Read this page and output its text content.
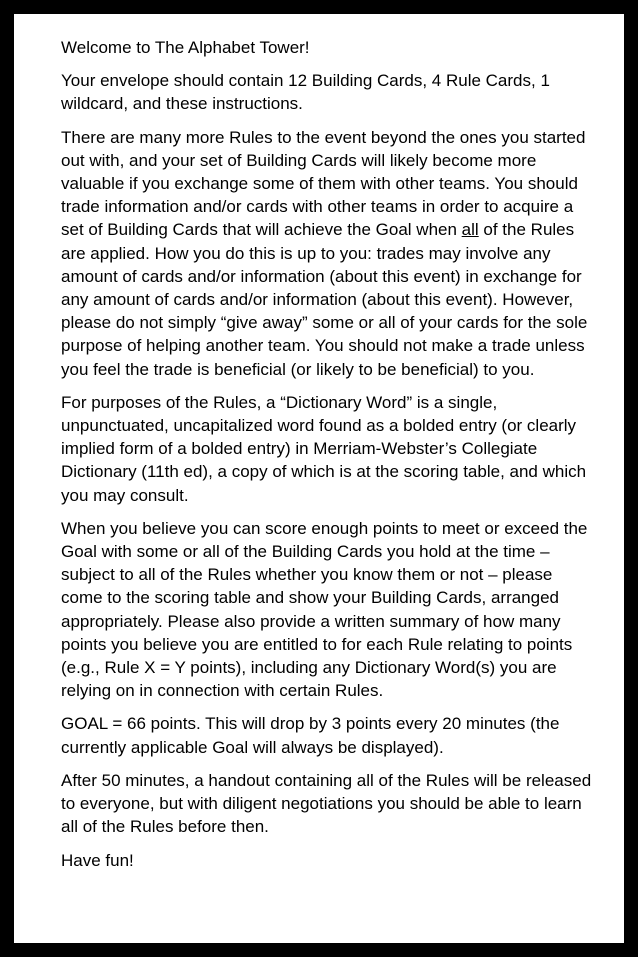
Welcome to The Alphabet Tower!

Your envelope should contain 12 Building Cards, 4 Rule Cards, 1 wildcard, and these instructions.

There are many more Rules to the event beyond the ones you started out with, and your set of Building Cards will likely become more valuable if you exchange some of them with other teams. You should trade information and/or cards with other teams in order to acquire a set of Building Cards that will achieve the Goal when all of the Rules are applied. How you do this is up to you: trades may involve any amount of cards and/or information (about this event) in exchange for any amount of cards and/or information (about this event). However, please do not simply “give away” some or all of your cards for the sole purpose of helping another team. You should not make a trade unless you feel the trade is beneficial (or likely to be beneficial) to you.

For purposes of the Rules, a “Dictionary Word” is a single, unpunctuated, uncapitalized word found as a bolded entry (or clearly implied form of a bolded entry) in Merriam-Webster’s Collegiate Dictionary (11th ed), a copy of which is at the scoring table, and which you may consult.

When you believe you can score enough points to meet or exceed the Goal with some or all of the Building Cards you hold at the time – subject to all of the Rules whether you know them or not – please come to the scoring table and show your Building Cards, arranged appropriately. Please also provide a written summary of how many points you believe you are entitled to for each Rule relating to points (e.g., Rule X = Y points), including any Dictionary Word(s) you are relying on in connection with certain Rules.

GOAL = 66 points. This will drop by 3 points every 20 minutes (the currently applicable Goal will always be displayed).

After 50 minutes, a handout containing all of the Rules will be released to everyone, but with diligent negotiations you should be able to learn all of the Rules before then.

Have fun!
